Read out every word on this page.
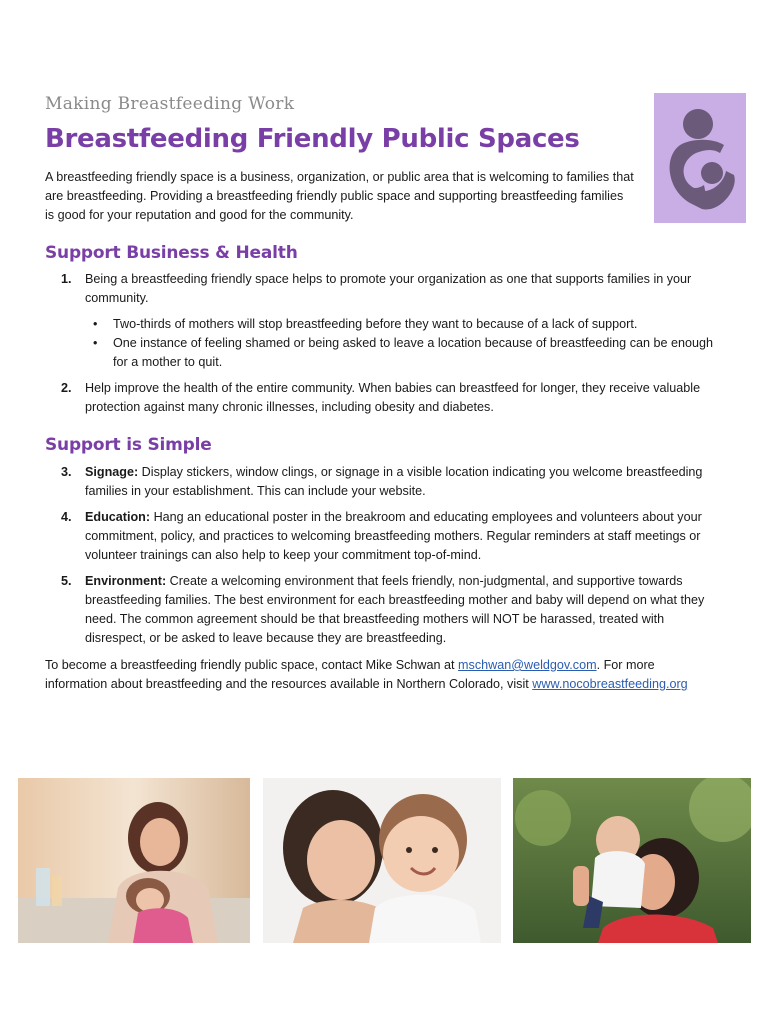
Making Breastfeeding Work
Breastfeeding Friendly Public Spaces

A breastfeeding friendly space is a business, organization, or public area that is welcoming to families that are breastfeeding. Providing a breastfeeding friendly public space and supporting breastfeeding families is good for your reputation and good for the community.

Support Business & Health
1. Being a breastfeeding friendly space helps to promote your organization as one that supports families in your community.
• Two-thirds of mothers will stop breastfeeding before they want to because of a lack of support.
• One instance of feeling shamed or being asked to leave a location because of breastfeeding can be enough for a mother to quit.
2. Help improve the health of the entire community. When babies can breastfeed for longer, they receive valuable protection against many chronic illnesses, including obesity and diabetes.
Support is Simple
3. Signage: Display stickers, window clings, or signage in a visible location indicating you welcome breastfeeding families in your establishment. This can include your website.
4. Education: Hang an educational poster in the breakroom and educating employees and volunteers about your commitment, policy, and practices to welcoming breastfeeding mothers. Regular reminders at staff meetings or volunteer trainings can also help to keep your commitment top-of-mind.
5. Environment: Create a welcoming environment that feels friendly, non-judgmental, and supportive towards breastfeeding families. The best environment for each breastfeeding mother and baby will depend on what they need. The common agreement should be that breastfeeding mothers will NOT be harassed, treated with disrespect, or be asked to leave because they are breastfeeding.

To become a breastfeeding friendly public space, contact Mike Schwan at mschwan@weldgov.com. For more information about breastfeeding and the resources available in Northern Colorado, visit www.nocobreastfeeding.org
